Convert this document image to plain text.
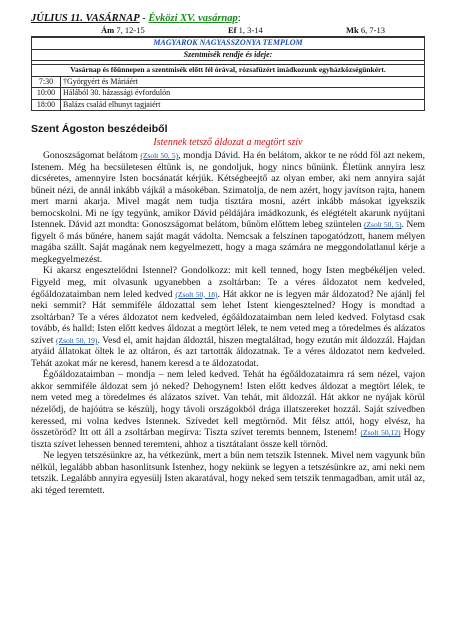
JÚLIUS 11. VASÁRNAP - Évközi XV. vasárnap:
Ám 7, 12-15	Ef 1, 3-14	Mk 6, 7-13
MAGYAROK NAGYASSZONYA TEMPLOM	
Szentmisék rendje és ideje:	

Vasárnap és főünnepen a szentmisék előtt fél órával, rózsafüzért imádkozunk egyházközségünkért.	
7:30	†Györgyért és Máriáért
10:00	Hálából 30. házassági évfordulón
18:00	Balázs család elhunyt tagjaiért
Szent Ágoston beszédeiből
Istennek tetsző áldozat a megtört szív

Gonoszságomat belátom (Zsolt 50, 5), mondja Dávid. Ha én belátom, akkor te ne ródd föl azt nekem, Istenem. Még ha becsületesen éltünk is, ne gondoljuk, hogy nincs bűnünk. Életünk annyira lesz dicséretes, amennyire Isten bocsánatát kérjük. Kétségbeejtő az olyan ember, aki nem annyira saját bűneit nézi, de annál inkább vájkál a másokéban. Szimatolja, de nem azért, hogy javítson rajta, hanem mert marni akarja. Mivel magát nem tudja tisztára mosni, azért inkább másokat igyekszik bemocskolni. Mi ne így tegyünk, amikor Dávid példájára imádkozunk, és elégtételt akarunk nyújtani Istennek. Dávid azt mondta: Gonoszságomat belátom, bűnöm előttem lebeg szüntelen (Zsolt 50, 5). Nem figyelt ő más bűnére, hanem saját magát vádolta. Nemcsak a felszínen tapogatódzott, hanem mélyen magába szállt. Saját magának nem kegyelmezett, hogy a maga számára ne meggondolatlanul kérje a megkegyelmezést.

Ki akarsz engesztelődni Istennel? Gondolkozz: mit kell tenned, hogy Isten megbékéljen veled. Figyeld meg, mit olvasunk ugyanebben a zsoltárban: Te a véres áldozatot nem kedveled, égőáldozataimban nem leled kedved (Zsolt 50, 18). Hát akkor ne is legyen már áldozatod? Ne ajánlj fel neki semmit? Hát semmiféle áldozattal sem lehet Istent kiengesztelned? Hogy is mondtad a zsoltárban? Te a véres áldozatot nem kedveled, égőáldozataimban nem leled kedved. Folytasd csak tovább, és halld: Isten előtt kedves áldozat a megtört lélek, te nem veted meg a töredelmes és alázatos szívet (Zsolt 50, 19). Vesd el, amit hajdan áldoztál, hiszen megtaláltad, hogy ezután mit áldozzál. Hajdan atyáid állatokat öltek le az oltáron, és azt tartották áldozatnak. Te a véres áldozatot nem kedveled. Tehát azokat már ne keresd, hanem keresd a te áldozatodat.

Égőáldozataimban – mondja – nem leled kedved. Tehát ha égőáldozataimra rá sem nézel, vajon akkor semmiféle áldozat sem jó neked? Dehogynem! Isten előtt kedves áldozat a megtört lélek, te nem veted meg a töredelmes és alázatos szívet. Van tehát, mit áldozzál. Hát akkor ne nyájak körül nézelődj, de hajóútra se készülj, hogy távoli országokból drága illatszereket hozzál. Saját szívedben keressed, mi volna kedves Istennek. Szívedet kell megtörnöd. Mit félsz attól, hogy elvész, ha összetöröd? Itt ott áll a zsoltárban megírva: Tiszta szívet teremts bennem, Istenem! (Zsolt 50,12) Hogy tiszta szívet lehessen benned teremteni, ahhoz a tisztátalant össze kell törnöd.

Ne legyen tetszésünkre az, ha vétkezünk, mert a bűn nem tetszik Istennek. Mivel nem vagyunk bűn nélkül, legalább abban hasonlítsunk Istenhez, hogy nekünk se legyen a tetszésünkre az, ami neki nem tetszik. Legalább annyira egyesülj Isten akaratával, hogy neked sem tetszik tenmagadban, amit utál az, aki téged teremtett.
